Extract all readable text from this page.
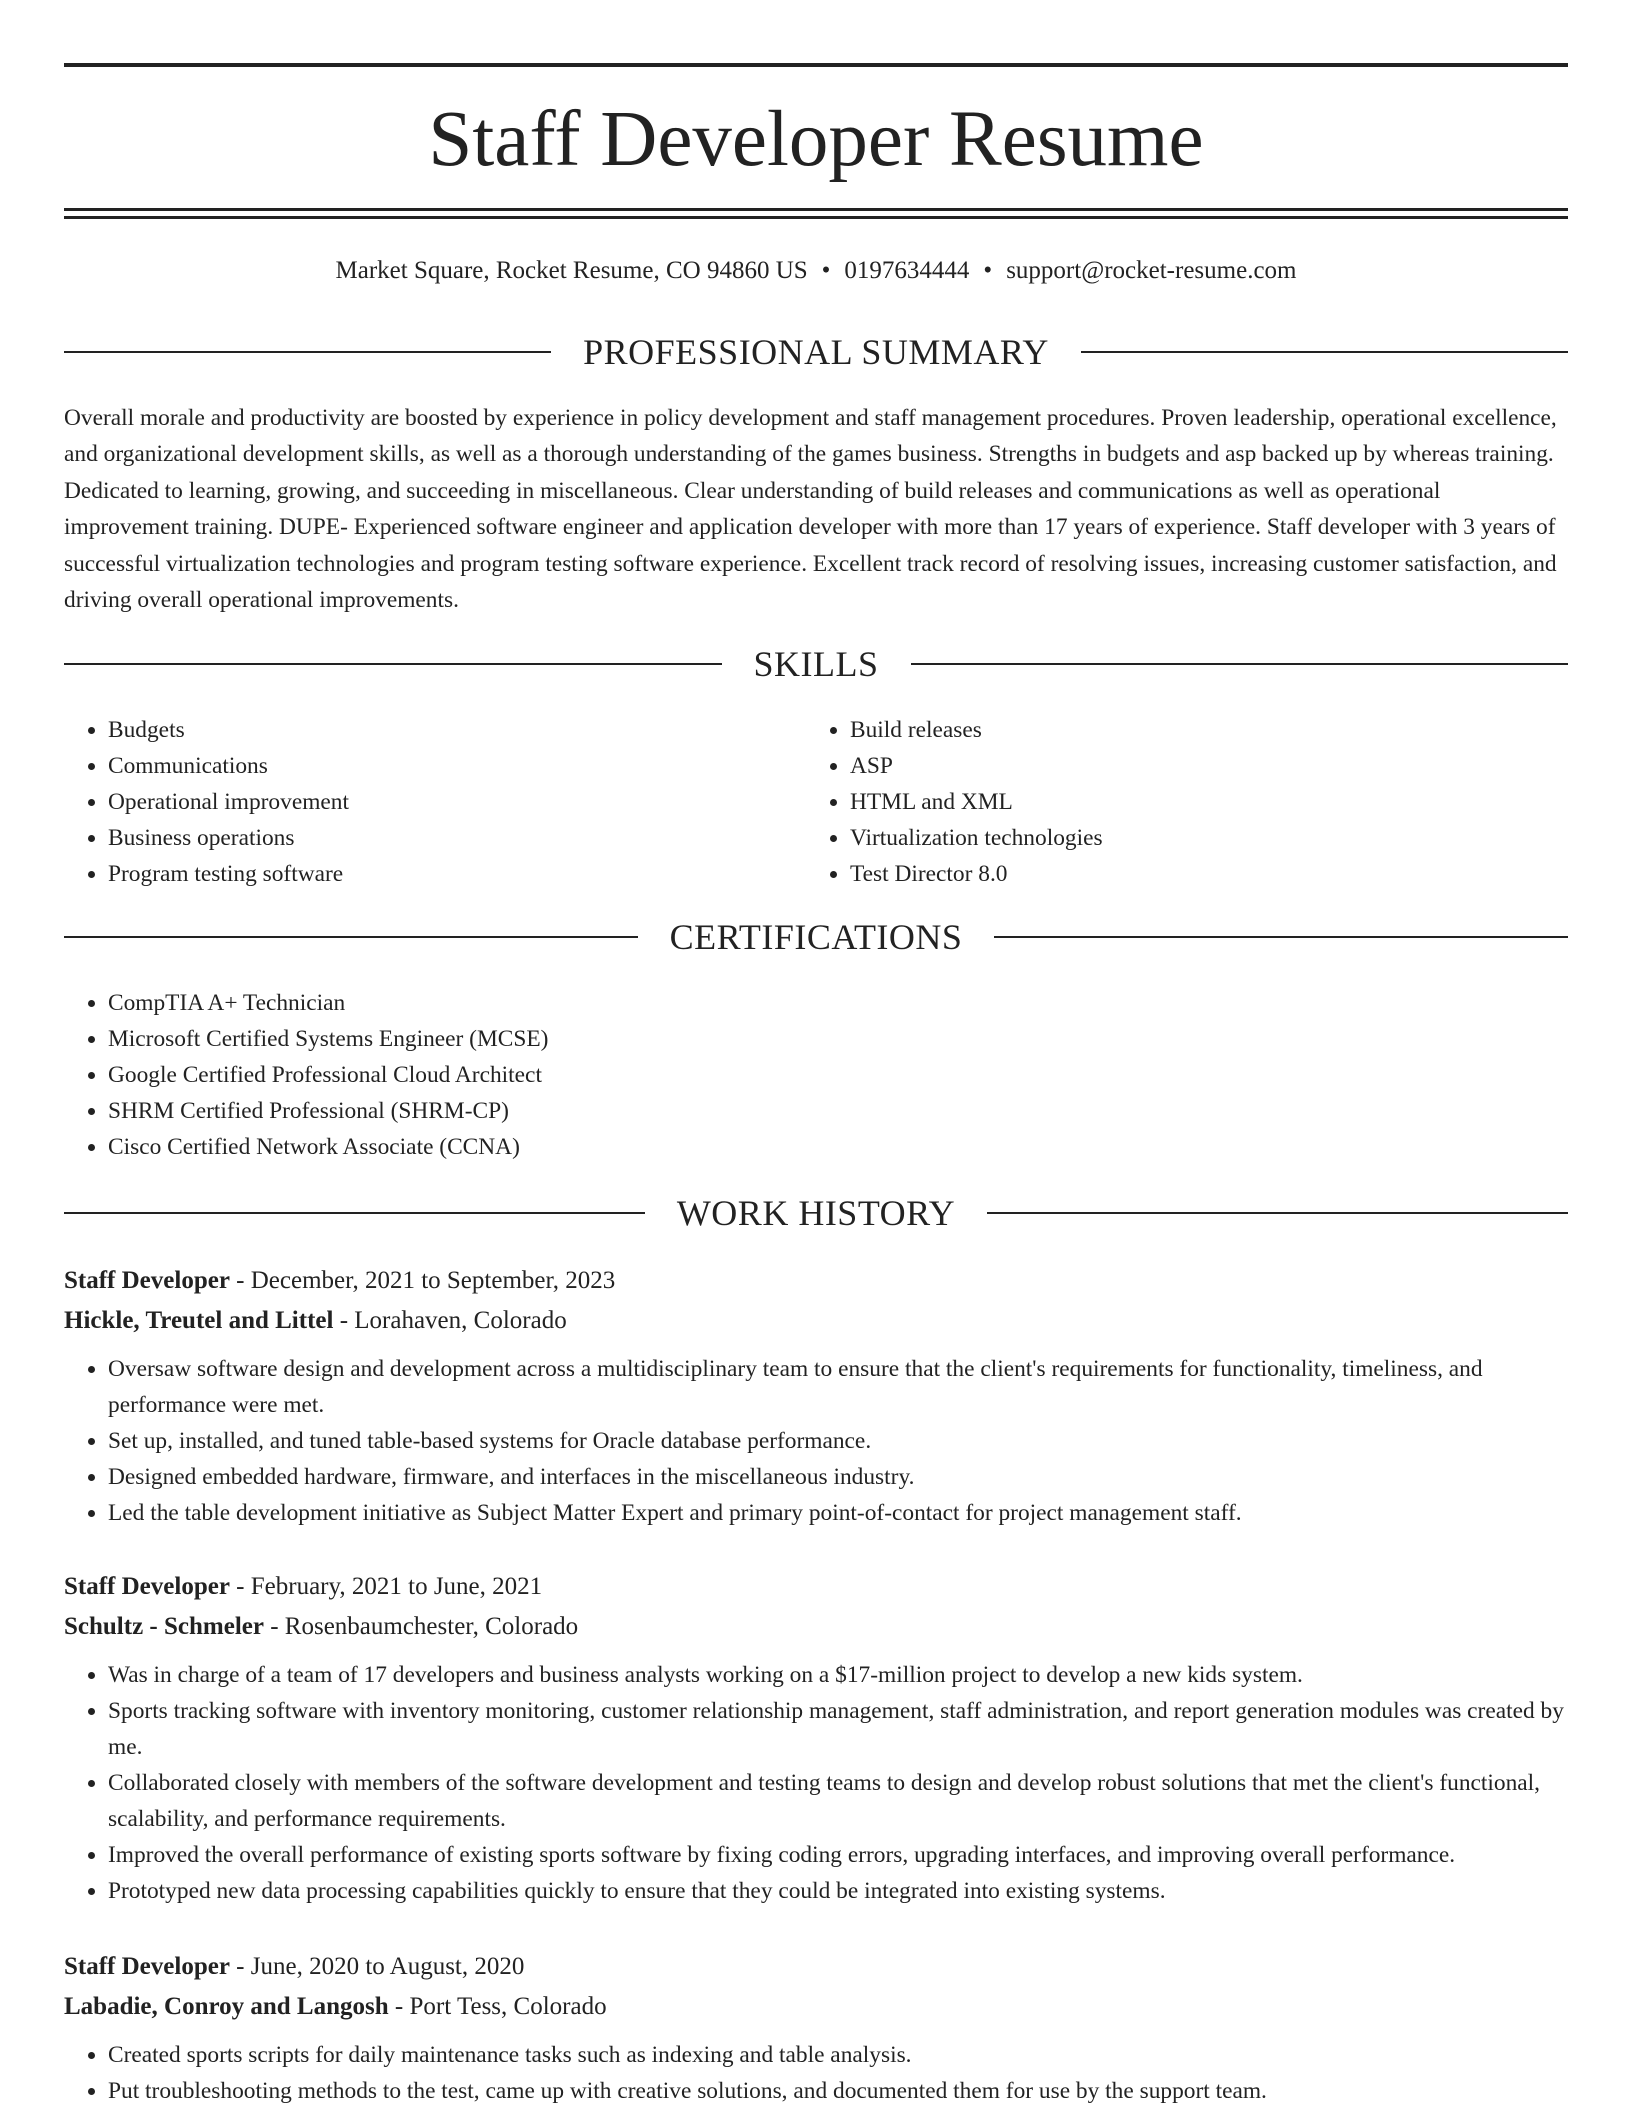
Staff Developer Resume
Market Square, Rocket Resume, CO 94860 US • 0197634444 • support@rocket-resume.com
PROFESSIONAL SUMMARY

Overall morale and productivity are boosted by experience in policy development and staff management procedures. Proven leadership, operational excellence, and organizational development skills, as well as a thorough understanding of the games business. Strengths in budgets and asp backed up by whereas training. Dedicated to learning, growing, and succeeding in miscellaneous. Clear understanding of build releases and communications as well as operational improvement training. DUPE- Experienced software engineer and application developer with more than 17 years of experience. Staff developer with 3 years of successful virtualization technologies and program testing software experience. Excellent track record of resolving issues, increasing customer satisfaction, and driving overall operational improvements.

SKILLS
• Budgets
• Communications
• Operational improvement
• Business operations
• Program testing software
• Build releases
• ASP
• HTML and XML
• Virtualization technologies
• Test Director 8.0
CERTIFICATIONS
• CompTIA A+ Technician
• Microsoft Certified Systems Engineer (MCSE)
• Google Certified Professional Cloud Architect
• SHRM Certified Professional (SHRM-CP)
• Cisco Certified Network Associate (CCNA)
WORK HISTORY
Staff Developer - December, 2021 to September, 2023
Hickle, Treutel and Littel - Lorahaven, Colorado
• Oversaw software design and development across a multidisciplinary team to ensure that the client's requirements for functionality, timeliness, and performance were met.
• Set up, installed, and tuned table-based systems for Oracle database performance.
• Designed embedded hardware, firmware, and interfaces in the miscellaneous industry.
• Led the table development initiative as Subject Matter Expert and primary point-of-contact for project management staff.
Staff Developer - February, 2021 to June, 2021
Schultz - Schmeler - Rosenbaumchester, Colorado
• Was in charge of a team of 17 developers and business analysts working on a $17-million project to develop a new kids system.
• Sports tracking software with inventory monitoring, customer relationship management, staff administration, and report generation modules was created by me.
• Collaborated closely with members of the software development and testing teams to design and develop robust solutions that met the client's functional, scalability, and performance requirements.
• Improved the overall performance of existing sports software by fixing coding errors, upgrading interfaces, and improving overall performance.
• Prototyped new data processing capabilities quickly to ensure that they could be integrated into existing systems.
Staff Developer - June, 2020 to August, 2020
Labadie, Conroy and Langosh - Port Tess, Colorado
• Created sports scripts for daily maintenance tasks such as indexing and table analysis.
• Put troubleshooting methods to the test, came up with creative solutions, and documented them for use by the support team.
